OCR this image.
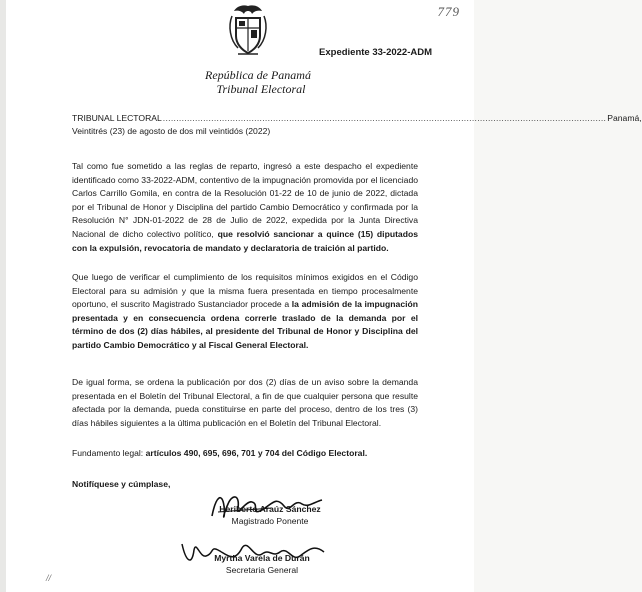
779
Expediente 33-2022-ADM
República de Panamá
Tribunal Electoral
TRIBUNAL LECTORAL ..................................................................................................................................................................... Panamá,
Veintitrés (23) de agosto de dos mil veintidós (2022)
Tal como fue sometido a las reglas de reparto, ingresó a este despacho el expediente identificado como 33-2022-ADM, contentivo de la impugnación promovida por el licenciado Carlos Carrillo Gomila, en contra de la Resolución 01-22 de 10 de junio de 2022, dictada por el Tribunal de Honor y Disciplina del partido Cambio Democrático y confirmada por la Resolución N° JDN-01-2022 de 28 de Julio de 2022, expedida por la Junta Directiva Nacional de dicho colectivo político, que resolvió sancionar a quince (15) diputados con la expulsión, revocatoria de mandato y declaratoria de traición al partido.
Que luego de verificar el cumplimiento de los requisitos mínimos exigidos en el Código Electoral para su admisión y que la misma fuera presentada en tiempo procesalmente oportuno, el suscrito Magistrado Sustanciador procede a la admisión de la impugnación presentada y en consecuencia ordena correrle traslado de la demanda por el término de dos (2) días hábiles, al presidente del Tribunal de Honor y Disciplina del partido Cambio Democrático y al Fiscal General Electoral.
De igual forma, se ordena la publicación por dos (2) días de un aviso sobre la demanda presentada en el Boletín del Tribunal Electoral, a fin de que cualquier persona que resulte afectada por la demanda, pueda constituirse en parte del proceso, dentro de los tres (3) días hábiles siguientes a la última publicación en el Boletín del Tribunal Electoral.
Fundamento legal: artículos 490, 695, 696, 701 y 704 del Código Electoral.
Notifíquese y cúmplase,
Heriberto Araúz Sánchez
Magistrado Ponente
Myrtha Varela de Durán
Secretaria General
//
